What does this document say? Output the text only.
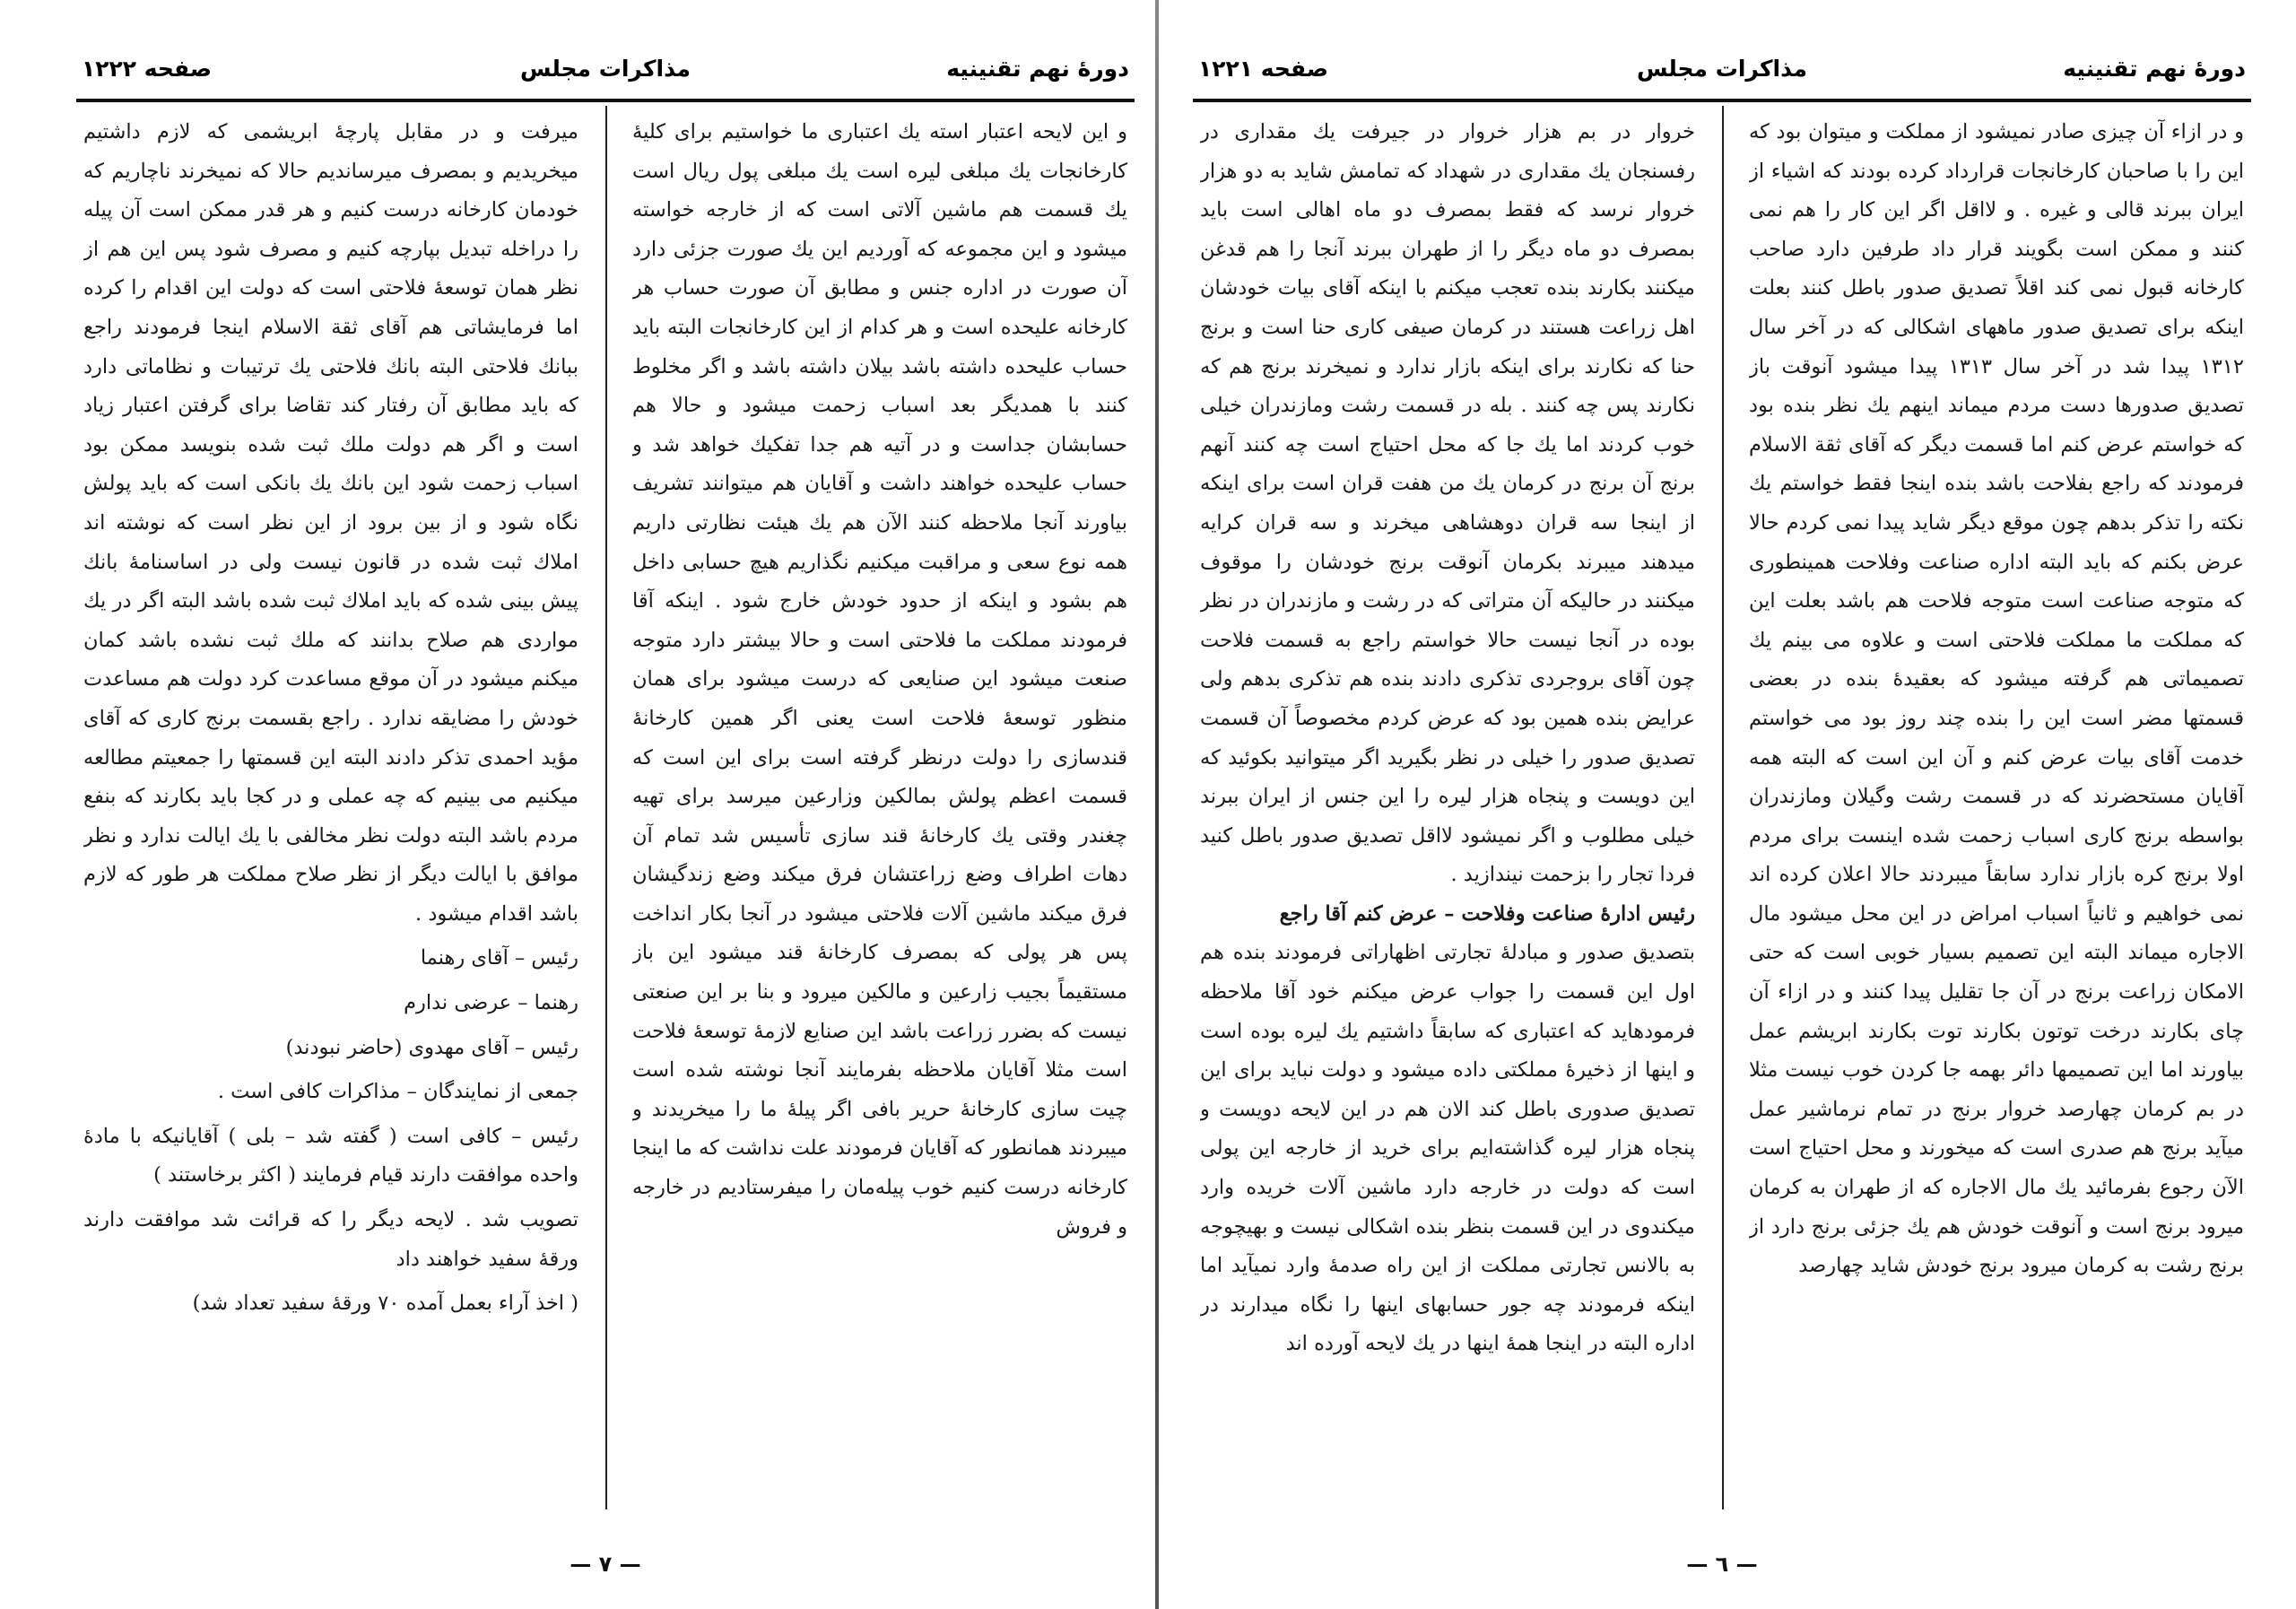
دورهٔ نهم تقنینیه
مذاکرات مجلس
صفحه ۱۲۲۲

و این لایحه اعتبار استه یك اعتباری ما خواستیم برای کلیهٔ کارخانجات یك مبلغی لیره است یك مبلغی پول ریال است یك قسمت هم ماشین آلاتی است كه از خارجه خواسته میشود و این مجموعه كه آوردیم این یك صورت جزئی دارد آن صورت در اداره جنس و مطابق آن صورت حساب هر كارخانه علیحده است و هر كدام از این كارخانجات البته باید حساب علیحده داشته باشد بیلان داشته باشد و اگر مخلوط كنند با همدیگر بعد اسباب زحمت میشود و حالا هم حسابشان جداست و در آتیه هم جدا تفكیك خواهد شد و حساب علیحده خواهند داشت و آقایان هم میتوانند تشریف بیاورند آنجا ملاحظه كنند الآن هم یك هیئت نظارتی داریم همه نوع سعی و مراقبت میكنیم نگذاریم هیچ حسابی داخل هم بشود و اینكه از حدود خودش خارج شود . اینكه آقا فرمودند مملكت ما فلاحتی است و حالا بیشتر دارد متوجه صنعت میشود این صنایعی كه درست میشود برای همان منظور توسعهٔ فلاحت است یعنی اگر همین كارخانهٔ قندسازی را دولت درنظر گرفته است برای این است كه قسمت اعظم پولش بمالكین وزارعین میرسد برای تهیه چغندر وقتی یك كارخانهٔ قند سازی تأسیس شد تمام آن دهات اطراف وضع زراعتشان فرق میكند وضع زندگیشان فرق میكند ماشین آلات فلاحتی میشود در آنجا بكار انداخت پس هر پولی كه بمصرف كارخانهٔ قند میشود این باز مستقیماً بجیب زارعین و مالكین میرود و بنا بر این صنعتی نیست كه بضرر زراعت باشد این صنایع لازمهٔ توسعهٔ فلاحت است مثلا آقایان ملاحظه بفرمایند آنجا نوشته شده است چیت سازی كارخانهٔ حریر بافی اگر پیلهٔ ما را میخریدند و میبردند همانطور كه آقایان فرمودند علت نداشت كه ما اینجا كارخانه درست كنیم خوب پیله‌مان را میفرستادیم در خارجه و فروش

میرفت و در مقابل پارچهٔ ابریشمی كه لازم داشتیم میخریدیم و بمصرف میرساندیم حالا كه نمیخرند ناچاریم كه خودمان كارخانه درست كنیم و هر قدر ممكن است آن پیله را دراخله تبدیل بپارچه كنیم و مصرف شود پس این هم از نظر همان توسعهٔ فلاحتی است كه دولت این اقدام را كرده اما فرمایشاتی هم آقای ثقة الاسلام اینجا فرمودند راجع ببانك فلاحتی البته بانك فلاحتی یك ترتیبات و نظاماتی دارد كه باید مطابق آن رفتار كند تقاضا برای گرفتن اعتبار زیاد است و اگر هم دولت ملك ثبت شده بنویسد ممكن بود اسباب زحمت شود این بانك یك بانكی است كه باید پولش نگاه شود و از بین برود از این نظر است كه نوشته اند املاك ثبت شده در قانون نیست ولی در اساسنامهٔ بانك پیش بینی شده كه باید املاك ثبت شده باشد البته اگر در یك مواردی هم صلاح بدانند كه ملك ثبت نشده باشد كمان میكنم میشود در آن موقع مساعدت كرد دولت هم مساعدت خودش را مضایقه ندارد . راجع بقسمت برنج كاری كه آقای مؤید احمدی تذكر دادند البته این قسمتها را جمعیتم مطالعه میكنیم می بینیم كه چه عملی و در كجا باید بكارند كه بنفع مردم باشد البته دولت نظر مخالفی با یك ایالت ندارد و نظر موافق با ایالت دیگر از نظر صلاح مملكت هر طور كه لازم باشد اقدام میشود .

رئیس – آقای رهنما

رهنما – عرضی ندارم

رئیس – آقای مهدوی (حاضر نبودند)

جمعی از نمایندگان – مذاکرات کافی است .

رئیس – کافی است ( گفته شد – بلی ) آقایانیکه با مادهٔ واحده موافقت دارند قیام فرمایند ( اکثر برخاستند )

تصویب شد . لایحه دیگر را که قرائت شد موافقت دارند ورقهٔ سفید خواهند داد

( اخذ آراء بعمل آمده ۷۰ ورقهٔ سفید تعداد شد)

— ۷ —
دورهٔ نهم تقنینیه
مذاکرات مجلس
صفحه ۱۲۲۱

و در ازاء آن چیزی صادر نمیشود از مملکت و میتوان بود که این را با صاحبان کارخانجات قرارداد کرده بودند که اشیاء از ایران ببرند قالی و غیره . و لااقل اگر این کار را هم نمی کنند و ممکن است بگویند قرار داد طرفین دارد صاحب کارخانه قبول نمی کند اقلاً تصدیق صدور باطل کنند بعلت اینکه برای تصدیق صدور ماههای اشکالی که در آخر سال ۱۳۱۲ پیدا شد در آخر سال ۱۳۱۳ پیدا میشود آنوقت باز تصدیق صدورها دست مردم میماند اینهم یك نظر بنده بود که خواستم عرض کنم اما قسمت دیگر که آقای ثقة الاسلام فرمودند که راجع بفلاحت باشد بنده اینجا فقط خواستم یك نکته را تذکر بدهم چون موقع دیگر شاید پیدا نمی کردم حالا عرض بکنم که باید البته اداره صناعت وفلاحت همینطوری که متوجه صناعت است متوجه فلاحت هم باشد بعلت این که مملکت ما مملکت فلاحتی است و علاوه می بینم یك تصمیماتی هم گرفته میشود که بعقیدهٔ بنده در بعضی قسمتها مضر است این را بنده چند روز بود می خواستم خدمت آقای بیات عرض کنم و آن این است که البته همه آقایان مستحضرند که در قسمت رشت وگیلان ومازندران بواسطه برنج کاری اسباب زحمت شده اینست برای مردم اولا برنج کره بازار ندارد سابقاً میبردند حالا اعلان کرده اند نمی خواهیم و ثانیاً اسباب امراض در این محل میشود مال الاجاره میماند البته این تصمیم بسیار خوبی است که حتی الامکان زراعت برنج در آن جا تقلیل پیدا کنند و در ازاء آن چای بکارند درخت توتون بکارند توت بکارند ابریشم عمل بیاورند اما این تصمیمها دائر بهمه جا کردن خوب نیست مثلا در بم کرمان چهارصد خروار برنج در تمام نرماشیر عمل میآید برنج هم صدری است که میخورند و محل احتیاج است الآن رجوع بفرمائید یك مال الاجاره که از طهران به کرمان میرود برنج است و آنوقت خودش هم یك جزئی برنج دارد از برنج رشت به کرمان میرود برنج خودش شاید چهارصد

خروار در بم هزار خروار در جیرفت یك مقداری در رفسنجان یك مقداری در شهداد که تمامش شاید به دو هزار خروار نرسد که فقط بمصرف دو ماه اهالی است باید بمصرف دو ماه دیگر را از طهران ببرند آنجا را هم قدغن میکنند بکارند بنده تعجب میکنم با اینکه آقای بیات خودشان اهل زراعت هستند در کرمان صیفی کاری حنا است و برنج حنا که نکارند برای اینکه بازار ندارد و نمیخرند برنج هم که نکارند پس چه کنند . بله در قسمت رشت ومازندران خیلی خوب کردند اما یك جا که محل احتیاج است چه کنند آنهم برنج آن برنج در کرمان یك من هفت قران است برای اینکه از اینجا سه قران دوهشاهی میخرند و سه قران کرایه میدهند میبرند بکرمان آنوقت برنج خودشان را موقوف میکنند در حالیکه آن متراتی که در رشت و مازندران در نظر بوده در آنجا نیست حالا خواستم راجع به قسمت فلاحت چون آقای بروجردی تذکری دادند بنده هم تذکری بدهم ولی عرایض بنده همین بود که عرض کردم مخصوصاً آن قسمت تصدیق صدور را خیلی در نظر بگیرید اگر میتوانید بکوئید که این دویست و پنجاه هزار لیره را این جنس از ایران ببرند خیلی مطلوب و اگر نمیشود لااقل تصدیق صدور باطل کنید فردا تجار را بزحمت نیندازید .

رئیس ادارهٔ صناعت وفلاحت – عرض کنم آقا راجع

بتصدیق صدور و مبادلهٔ تجارتی اظهاراتی فرمودند بنده هم اول این قسمت را جواب عرض میکنم خود آقا ملاحظه فرمودهاید که اعتباری که سابقاً داشتیم یك لیره بوده است و اینها از ذخیرهٔ مملکتی داده میشود و دولت نباید برای این تصدیق صدوری باطل کند الان هم در این لایحه دویست و پنجاه هزار لیره گذاشته‌ایم برای خرید از خارجه این پولی است که دولت در خارجه دارد ماشین آلات خریده وارد میکندوی در این قسمت بنظر بنده اشکالی نیست و بهیچوجه به بالانس تجارتی مملکت از این راه صدمهٔ وارد نمیآید اما اینکه فرمودند چه جور حسابهای اینها را نگاه میدارند در اداره البته در اینجا همهٔ اینها در یك لایحه آورده اند

— ٦ —
